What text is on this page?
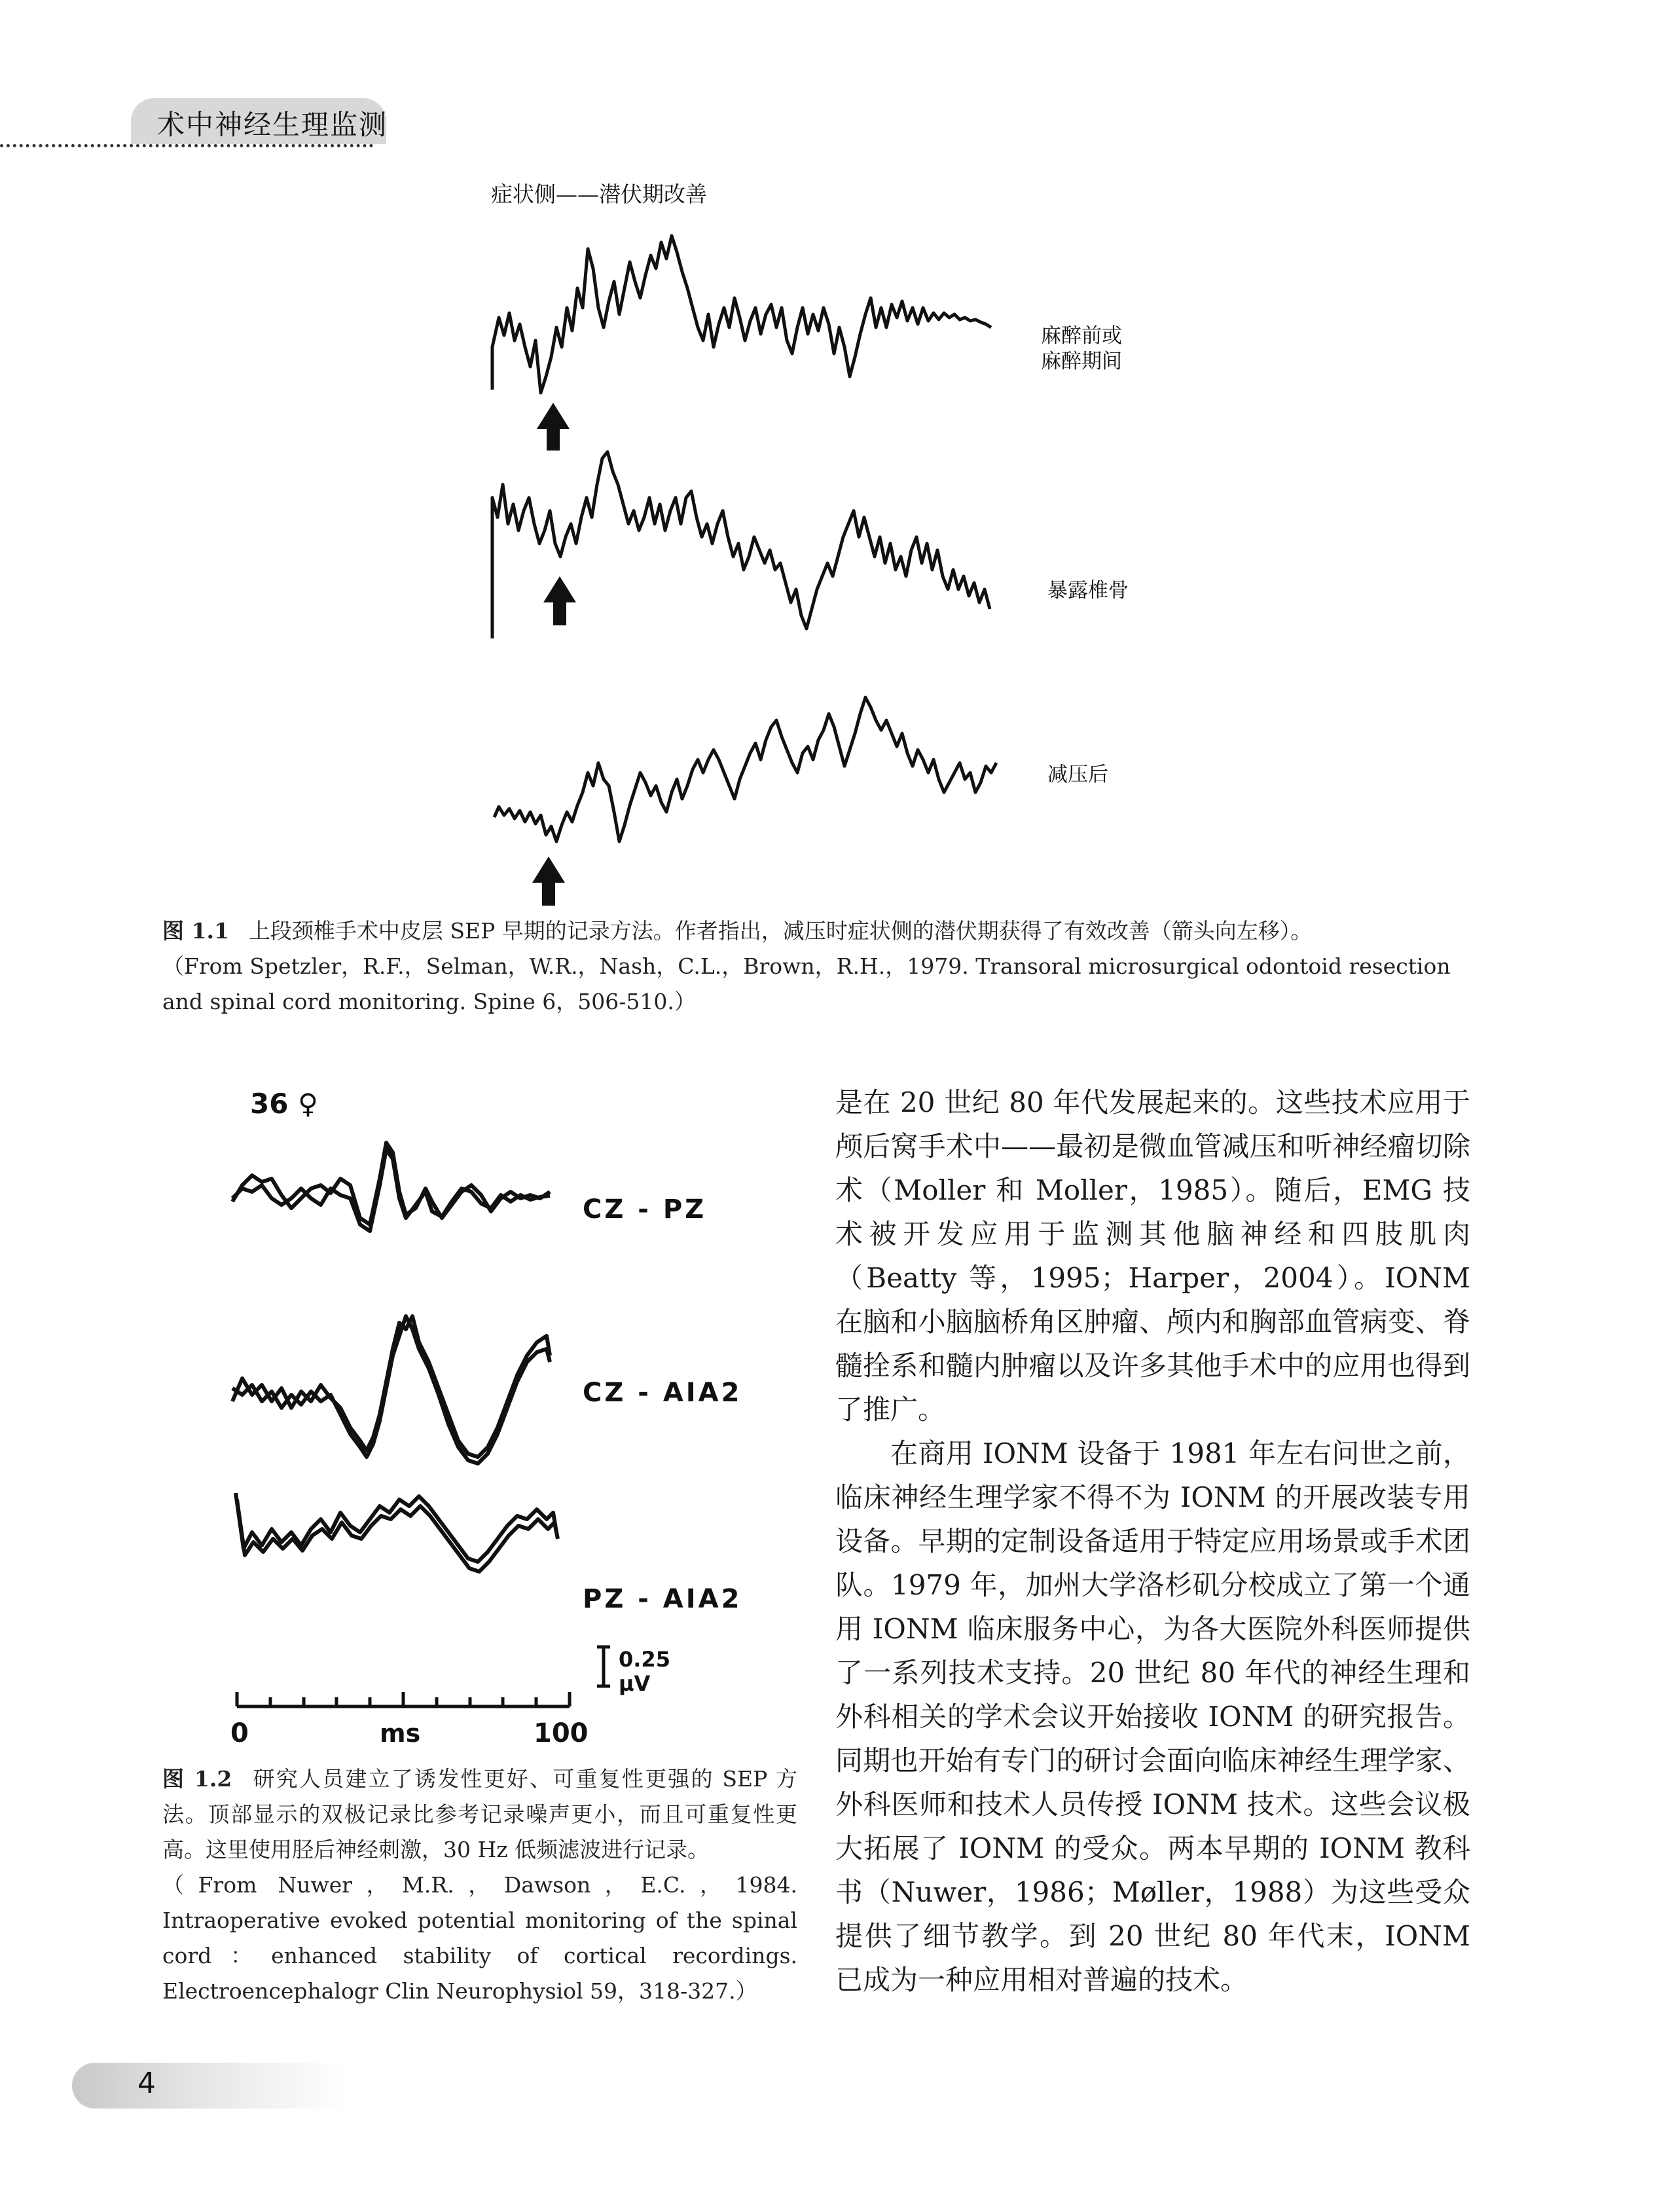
术中神经生理监测
症状侧——潜伏期改善
麻醉前或
麻醉期间
暴露椎骨
减压后
36 ♀
CZ - PZ
CZ - AIA2
PZ - AIA2
0.25
μV
0	ms	100
图 1.1 上段颈椎手术中皮层 SEP 早期的记录方法。作者指出，减压时症状侧的潜伏期获得了有效改善（箭头向左移）。
（From Spetzler，R.F.，Selman，W.R.，Nash，C.L.，Brown，R.H.，1979. Transoral microsurgical odontoid resection and spinal cord monitoring. Spine 6，506-510.）
图 1.2 研究人员建立了诱发性更好、可重复性更强的 SEP 方法。顶部显示的双极记录比参考记录噪声更小，而且可重复性更高。这里使用胫后神经刺激，30 Hz 低频滤波进行记录。
（From Nuwer，M.R.，Dawson，E.C.，1984. Intraoperative evoked potential monitoring of the spinal cord：enhanced stability of cortical recordings. Electroencephalogr Clin Neurophysiol 59，318-327.）

是在 20 世纪 80 年代发展起来的。这些技术应用于颅后窝手术中——最初是微血管减压和听神经瘤切除术（Moller 和 Moller，1985）。随后，EMG 技术被开发应用于监测其他脑神经和四肢肌肉（Beatty 等，1995；Harper，2004）。IONM 在脑和小脑脑桥角区肿瘤、颅内和胸部血管病变、脊髓拴系和髓内肿瘤以及许多其他手术中的应用也得到了推广。

在商用 IONM 设备于 1981 年左右问世之前，临床神经生理学家不得不为 IONM 的开展改装专用设备。早期的定制设备适用于特定应用场景或手术团队。1979 年，加州大学洛杉矶分校成立了第一个通用 IONM 临床服务中心，为各大医院外科医师提供了一系列技术支持。20 世纪 80 年代的神经生理和外科相关的学术会议开始接收 IONM 的研究报告。同期也开始有专门的研讨会面向临床神经生理学家、外科医师和技术人员传授 IONM 技术。这些会议极大拓展了 IONM 的受众。两本早期的 IONM 教科书（Nuwer，1986；Møller，1988）为这些受众提供了细节教学。到 20 世纪 80 年代末，IONM 已成为一种应用相对普遍的技术。

4
